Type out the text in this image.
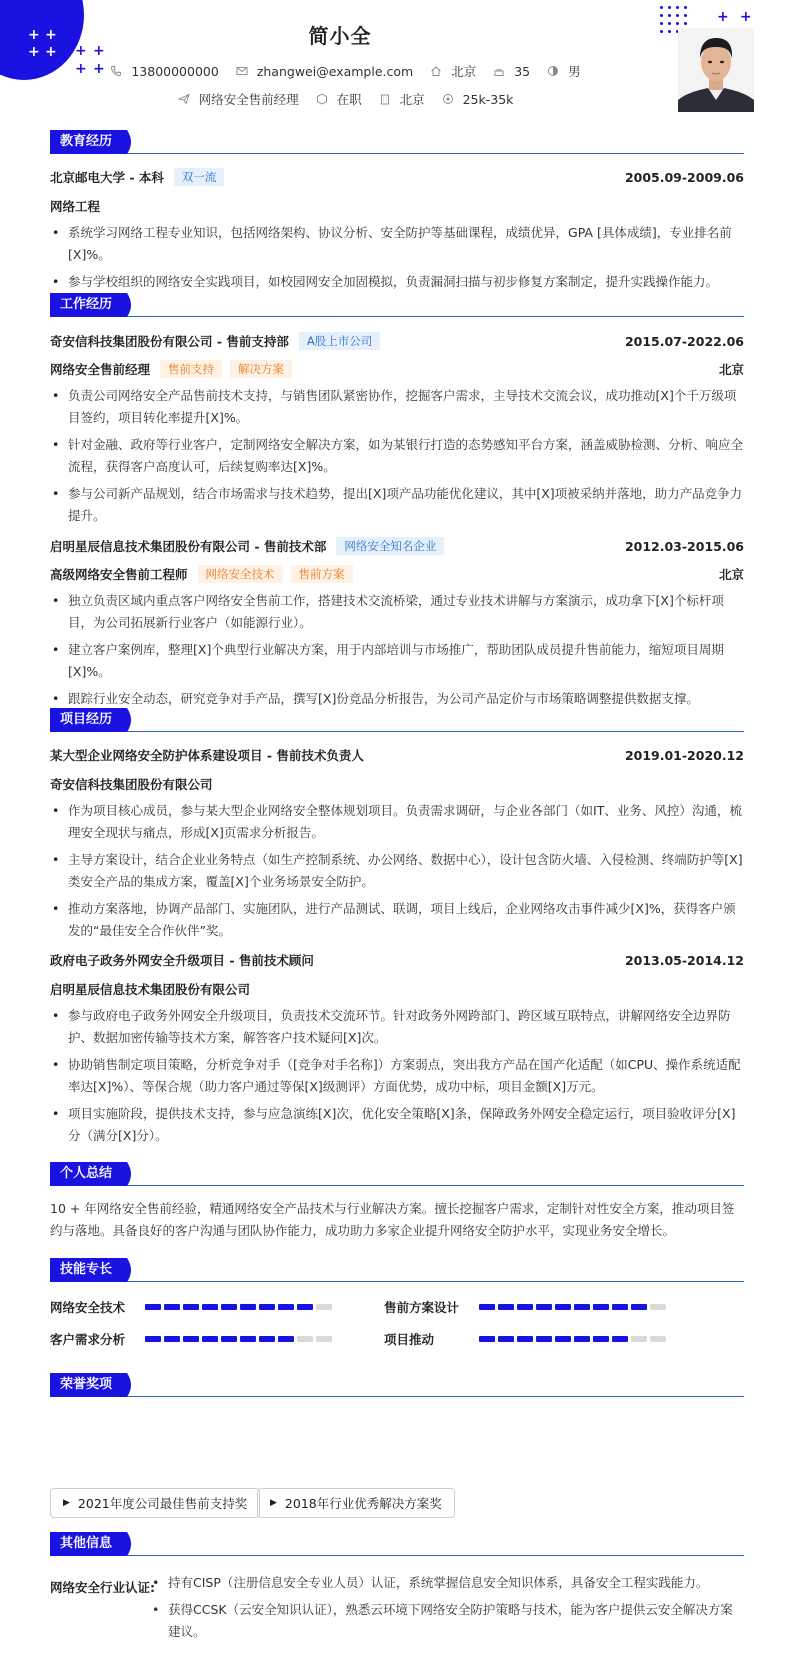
+ +
+ + + +
+ +
+ +
简小全
13800000000	zhangwei@example.com	北京	35	男
网络安全售前经理	在职	北京	25k-35k
教育经历
北京邮电大学 - 本科	双一流	2005.09-2009.06
网络工程
• 系统学习网络工程专业知识，包括网络架构、协议分析、安全防护等基础课程，成绩优异，GPA [具体成绩]，专业排名前[X]%。
• 参与学校组织的网络安全实践项目，如校园网安全加固模拟，负责漏洞扫描与初步修复方案制定，提升实践操作能力。
工作经历
奇安信科技集团股份有限公司 - 售前支持部	A股上市公司	2015.07-2022.06
网络安全售前经理	售前支持	解决方案	北京
• 负责公司网络安全产品售前技术支持，与销售团队紧密协作，挖掘客户需求，主导技术交流会议，成功推动[X]个千万级项目签约，项目转化率提升[X]%。
• 针对金融、政府等行业客户，定制网络安全解决方案，如为某银行打造的态势感知平台方案，涵盖威胁检测、分析、响应全流程，获得客户高度认可，后续复购率达[X]%。
• 参与公司新产品规划，结合市场需求与技术趋势，提出[X]项产品功能优化建议，其中[X]项被采纳并落地，助力产品竞争力提升。
启明星辰信息技术集团股份有限公司 - 售前技术部	网络安全知名企业	2012.03-2015.06
高级网络安全售前工程师	网络安全技术	售前方案	北京
• 独立负责区域内重点客户网络安全售前工作，搭建技术交流桥梁，通过专业技术讲解与方案演示，成功拿下[X]个标杆项目，为公司拓展新行业客户（如能源行业）。
• 建立客户案例库，整理[X]个典型行业解决方案，用于内部培训与市场推广，帮助团队成员提升售前能力，缩短项目周期[X]%。
• 跟踪行业安全动态，研究竞争对手产品，撰写[X]份竞品分析报告，为公司产品定价与市场策略调整提供数据支撑。
项目经历
某大型企业网络安全防护体系建设项目 - 售前技术负责人	2019.01-2020.12
奇安信科技集团股份有限公司
• 作为项目核心成员，参与某大型企业网络安全整体规划项目。负责需求调研，与企业各部门（如IT、业务、风控）沟通，梳理安全现状与痛点，形成[X]页需求分析报告。
• 主导方案设计，结合企业业务特点（如生产控制系统、办公网络、数据中心），设计包含防火墙、入侵检测、终端防护等[X]类安全产品的集成方案，覆盖[X]个业务场景安全防护。
• 推动方案落地，协调产品部门、实施团队，进行产品测试、联调，项目上线后，企业网络攻击事件减少[X]%，获得客户颁发的“最佳安全合作伙伴”奖。
政府电子政务外网安全升级项目 - 售前技术顾问	2013.05-2014.12
启明星辰信息技术集团股份有限公司
• 参与政府电子政务外网安全升级项目，负责技术交流环节。针对政务外网跨部门、跨区域互联特点，讲解网络安全边界防护、数据加密传输等技术方案，解答客户技术疑问[X]次。
• 协助销售制定项目策略，分析竞争对手（[竞争对手名称]）方案弱点，突出我方产品在国产化适配（如CPU、操作系统适配率达[X]%）、等保合规（助力客户通过等保[X]级测评）方面优势，成功中标，项目金额[X]万元。
• 项目实施阶段，提供技术支持，参与应急演练[X]次，优化安全策略[X]条，保障政务外网安全稳定运行，项目验收评分[X]分（满分[X]分）。
个人总结
10 + 年网络安全售前经验，精通网络安全产品技术与行业解决方案。擅长挖掘客户需求，定制针对性安全方案，推动项目签约与落地。具备良好的客户沟通与团队协作能力，成功助力多家企业提升网络安全防护水平，实现业务安全增长。
技能专长
网络安全技术	售前方案设计
客户需求分析	项目推动
荣誉奖项
▶ 2021年度公司最佳售前支持奖	▶ 2018年行业优秀解决方案奖
其他信息
网络安全行业认证:
•	持有CISP（注册信息安全专业人员）认证，系统掌握信息安全知识体系，具备安全工程实践能力。
• 获得CCSK（云安全知识认证），熟悉云环境下网络安全防护策略与技术，能为客户提供云安全解决方案建议。
